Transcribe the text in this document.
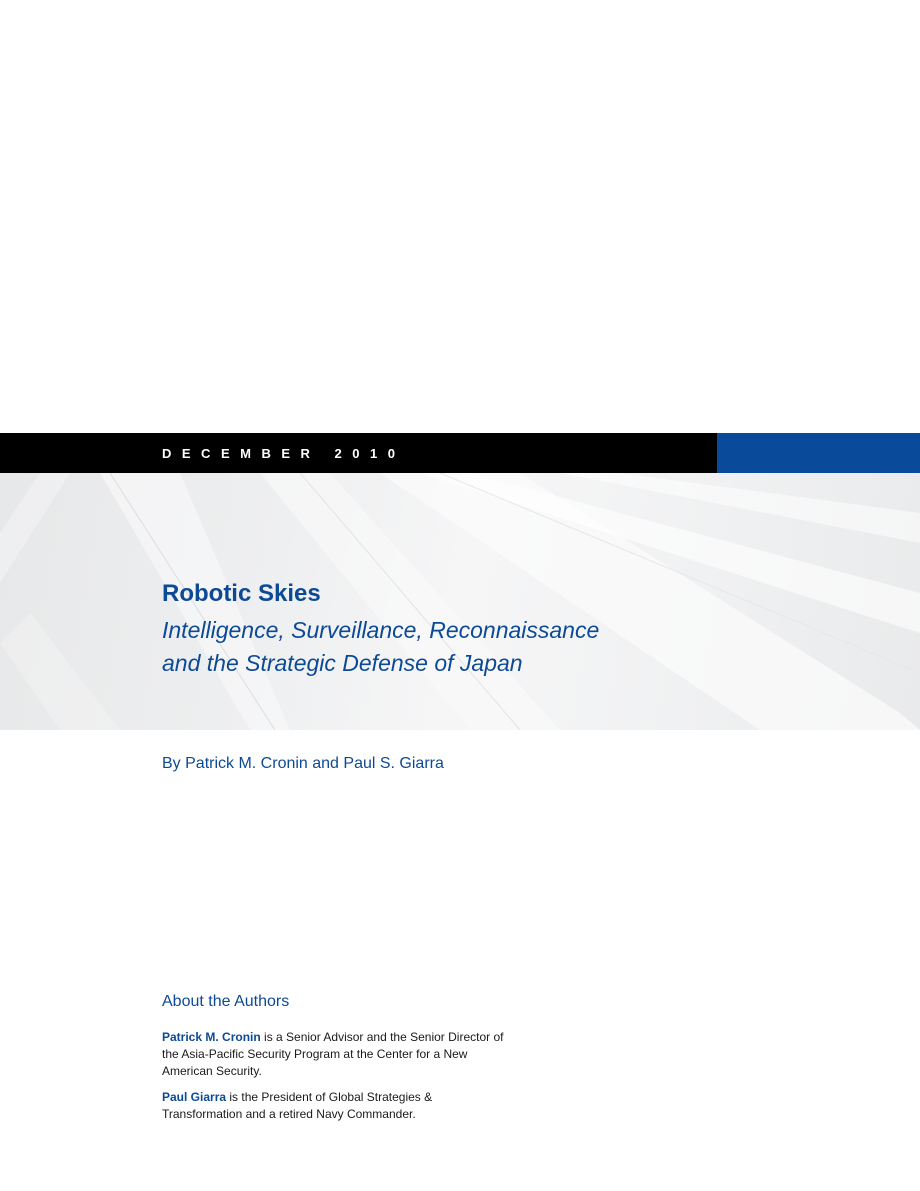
DECEMBER 2010
Robotic Skies
Intelligence, Surveillance, Reconnaissance
and the Strategic Defense of Japan
By Patrick M. Cronin and Paul S. Giarra
About the Authors
Patrick M. Cronin is a Senior Advisor and the Senior Director of the Asia-Pacific Security Program at the Center for a New American Security.
Paul Giarra is the President of Global Strategies & Transformation and a retired Navy Commander.
